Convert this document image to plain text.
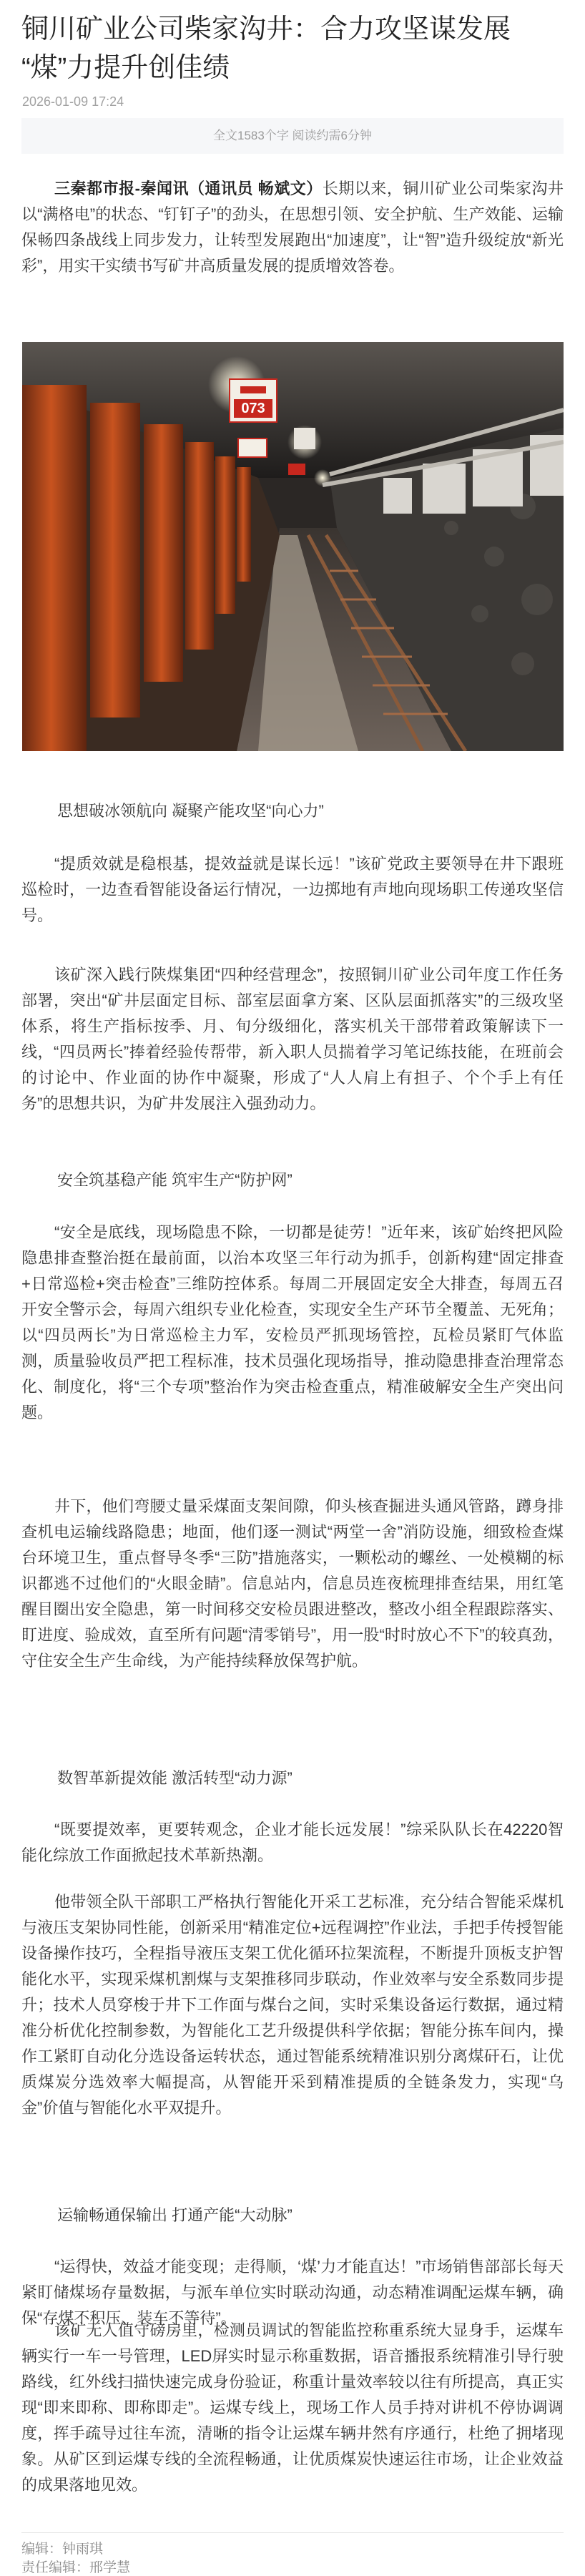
铜川矿业公司柴家沟井：合力攻坚谋发展 “煤”力提升创佳绩
2026-01-09 17:24
全文1583个字 阅读约需6分钟

三秦都市报-秦闻讯（通讯员 畅斌文）长期以来，铜川矿业公司柴家沟井以“满格电”的状态、“钉钉子”的劲头，在思想引领、安全护航、生产效能、运输保畅四条战线上同步发力，让转型发展跑出“加速度”，让“智”造升级绽放“新光彩”，用实干实绩书写矿井高质量发展的提质增效答卷。

073
思想破冰领航向 凝聚产能攻坚“向心力”

“提质效就是稳根基，提效益就是谋长远！”该矿党政主要领导在井下跟班巡检时，一边查看智能设备运行情况，一边掷地有声地向现场职工传递攻坚信号。

该矿深入践行陕煤集团“四种经营理念”，按照铜川矿业公司年度工作任务部署，突出“矿井层面定目标、部室层面拿方案、区队层面抓落实”的三级攻坚体系，将生产指标按季、月、旬分级细化，落实机关干部带着政策解读下一线，“四员两长”捧着经验传帮带，新入职人员揣着学习笔记练技能，在班前会的讨论中、作业面的协作中凝聚，形成了“人人肩上有担子、个个手上有任务”的思想共识，为矿井发展注入强劲动力。

安全筑基稳产能 筑牢生产“防护网”

“安全是底线，现场隐患不除，一切都是徒劳！”近年来，该矿始终把风险隐患排查整治挺在最前面，以治本攻坚三年行动为抓手，创新构建“固定排查+日常巡检+突击检查”三维防控体系。每周二开展固定安全大排查，每周五召开安全警示会，每周六组织专业化检查，实现安全生产环节全覆盖、无死角；以“四员两长”为日常巡检主力军，安检员严抓现场管控，瓦检员紧盯气体监测，质量验收员严把工程标准，技术员强化现场指导，推动隐患排查治理常态化、制度化，将“三个专项”整治作为突击检查重点，精准破解安全生产突出问题。

井下，他们弯腰丈量采煤面支架间隙，仰头核查掘进头通风管路，蹲身排查机电运输线路隐患；地面，他们逐一测试“两堂一舍”消防设施，细致检查煤台环境卫生，重点督导冬季“三防”措施落实，一颗松动的螺丝、一处模糊的标识都逃不过他们的“火眼金睛”。信息站内，信息员连夜梳理排查结果，用红笔醒目圈出安全隐患，第一时间移交安检员跟进整改，整改小组全程跟踪落实、盯进度、验成效，直至所有问题“清零销号”，用一股“时时放心不下”的较真劲，守住安全生产生命线，为产能持续释放保驾护航。

数智革新提效能 激活转型“动力源”

“既要提效率，更要转观念，企业才能长远发展！”综采队队长在42220智能化综放工作面掀起技术革新热潮。

他带领全队干部职工严格执行智能化开采工艺标准，充分结合智能采煤机与液压支架协同性能，创新采用“精准定位+远程调控”作业法，手把手传授智能设备操作技巧，全程指导液压支架工优化循环拉架流程，不断提升顶板支护智能化水平，实现采煤机割煤与支架推移同步联动，作业效率与安全系数同步提升；技术人员穿梭于井下工作面与煤台之间，实时采集设备运行数据，通过精准分析优化控制参数，为智能化工艺升级提供科学依据；智能分拣车间内，操作工紧盯自动化分选设备运转状态，通过智能系统精准识别分离煤矸石，让优质煤炭分选效率大幅提高，从智能开采到精准提质的全链条发力，实现“乌金”价值与智能化水平双提升。

运输畅通保输出 打通产能“大动脉”

“运得快，效益才能变现；走得顺，‘煤’力才能直达！”市场销售部部长每天紧盯储煤场存量数据，与派车单位实时联动沟通，动态精准调配运煤车辆，确保“存煤不积压、装车不等待”。

该矿无人值守磅房里，检测员调试的智能监控称重系统大显身手，运煤车辆实行一车一号管理，LED屏实时显示称重数据，语音播报系统精准引导行驶路线，红外线扫描快速完成身份验证，称重计量效率较以往有所提高，真正实现“即来即称、即称即走”。运煤专线上，现场工作人员手持对讲机不停协调调度，挥手疏导过往车流，清晰的指令让运煤车辆井然有序通行，杜绝了拥堵现象。从矿区到运煤专线的全流程畅通，让优质煤炭快速运往市场，让企业效益的成果落地见效。

编辑：钟雨琪
责任编辑：邢学慧
